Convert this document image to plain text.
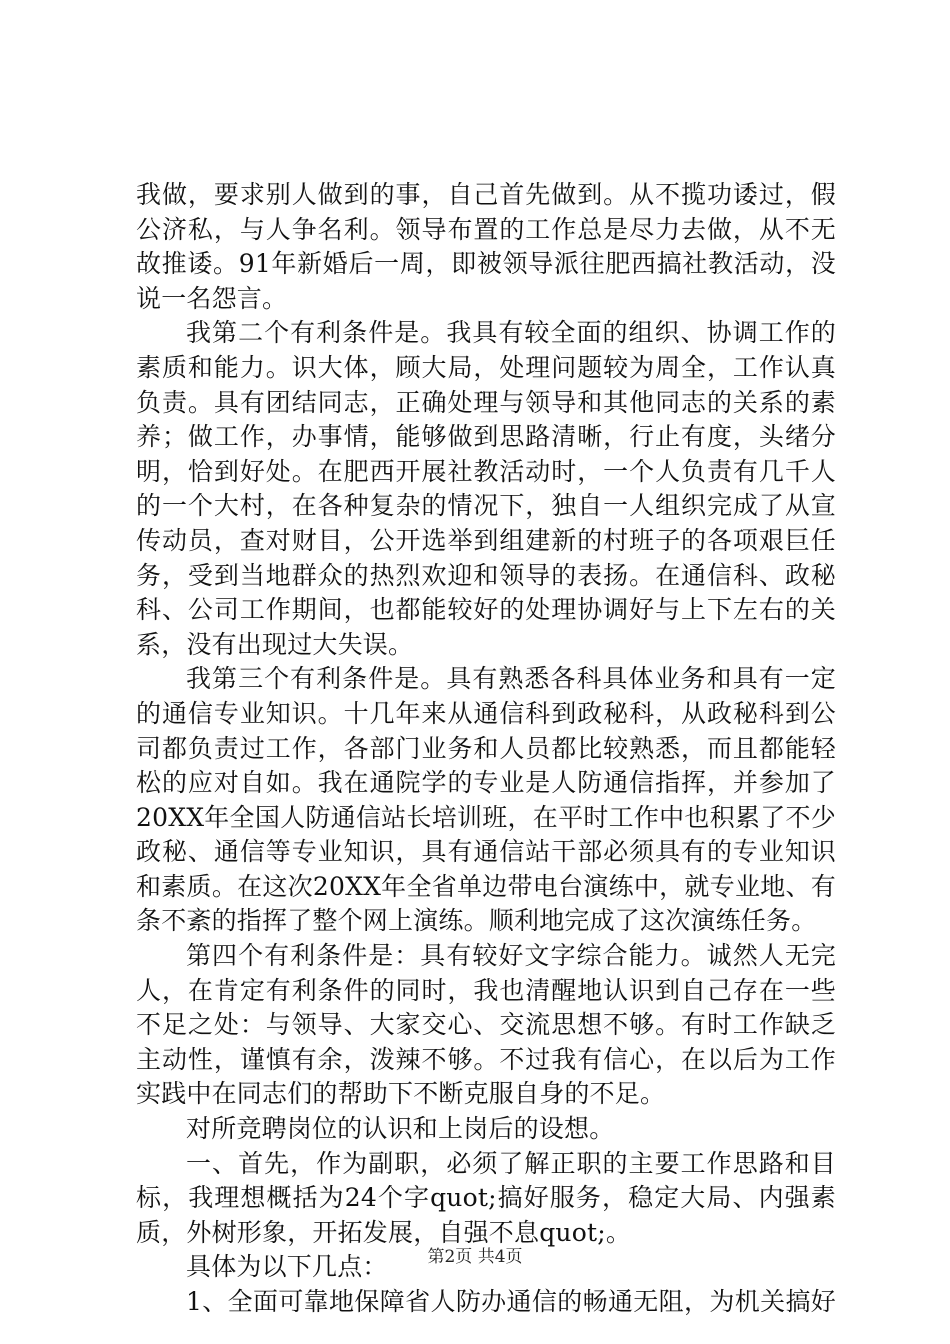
我做，要求别人做到的事，自己首先做到。从不揽功诿过，假
公济私，与人争名利。领导布置的工作总是尽力去做，从不无
故推诿。91年新婚后一周，即被领导派往肥西搞社教活动，没
说一名怨言。
我第二个有利条件是。我具有较全面的组织、协调工作的
素质和能力。识大体，顾大局，处理问题较为周全，工作认真
负责。具有团结同志，正确处理与领导和其他同志的关系的素
养；做工作，办事情，能够做到思路清晰，行止有度，头绪分
明，恰到好处。在肥西开展社教活动时，一个人负责有几千人
的一个大村，在各种复杂的情况下，独自一人组织完成了从宣
传动员，查对财目，公开选举到组建新的村班子的各项艰巨任
务，受到当地群众的热烈欢迎和领导的表扬。在通信科、政秘
科、公司工作期间，也都能较好的处理协调好与上下左右的关
系，没有出现过大失误。
我第三个有利条件是。具有熟悉各科具体业务和具有一定
的通信专业知识。十几年来从通信科到政秘科，从政秘科到公
司都负责过工作，各部门业务和人员都比较熟悉，而且都能轻
松的应对自如。我在通院学的专业是人防通信指挥，并参加了
20XX年全国人防通信站长培训班，在平时工作中也积累了不少
政秘、通信等专业知识，具有通信站干部必须具有的专业知识
和素质。在这次20XX年全省单边带电台演练中，就专业地、有
条不紊的指挥了整个网上演练。顺利地完成了这次演练任务。
第四个有利条件是：具有较好文字综合能力。诚然人无完
人，在肯定有利条件的同时，我也清醒地认识到自己存在一些
不足之处：与领导、大家交心、交流思想不够。有时工作缺乏
主动性，谨慎有余，泼辣不够。不过我有信心，在以后为工作
实践中在同志们的帮助下不断克服自身的不足。
对所竞聘岗位的认识和上岗后的设想。
一、首先，作为副职，必须了解正职的主要工作思路和目
标，我理想概括为24个字quot;搞好服务，稳定大局、内强素
质，外树形象，开拓发展，自强不息quot;。
具体为以下几点：
1、全面可靠地保障省人防办通信的畅通无阻，为机关搞好
第2页 共4页
